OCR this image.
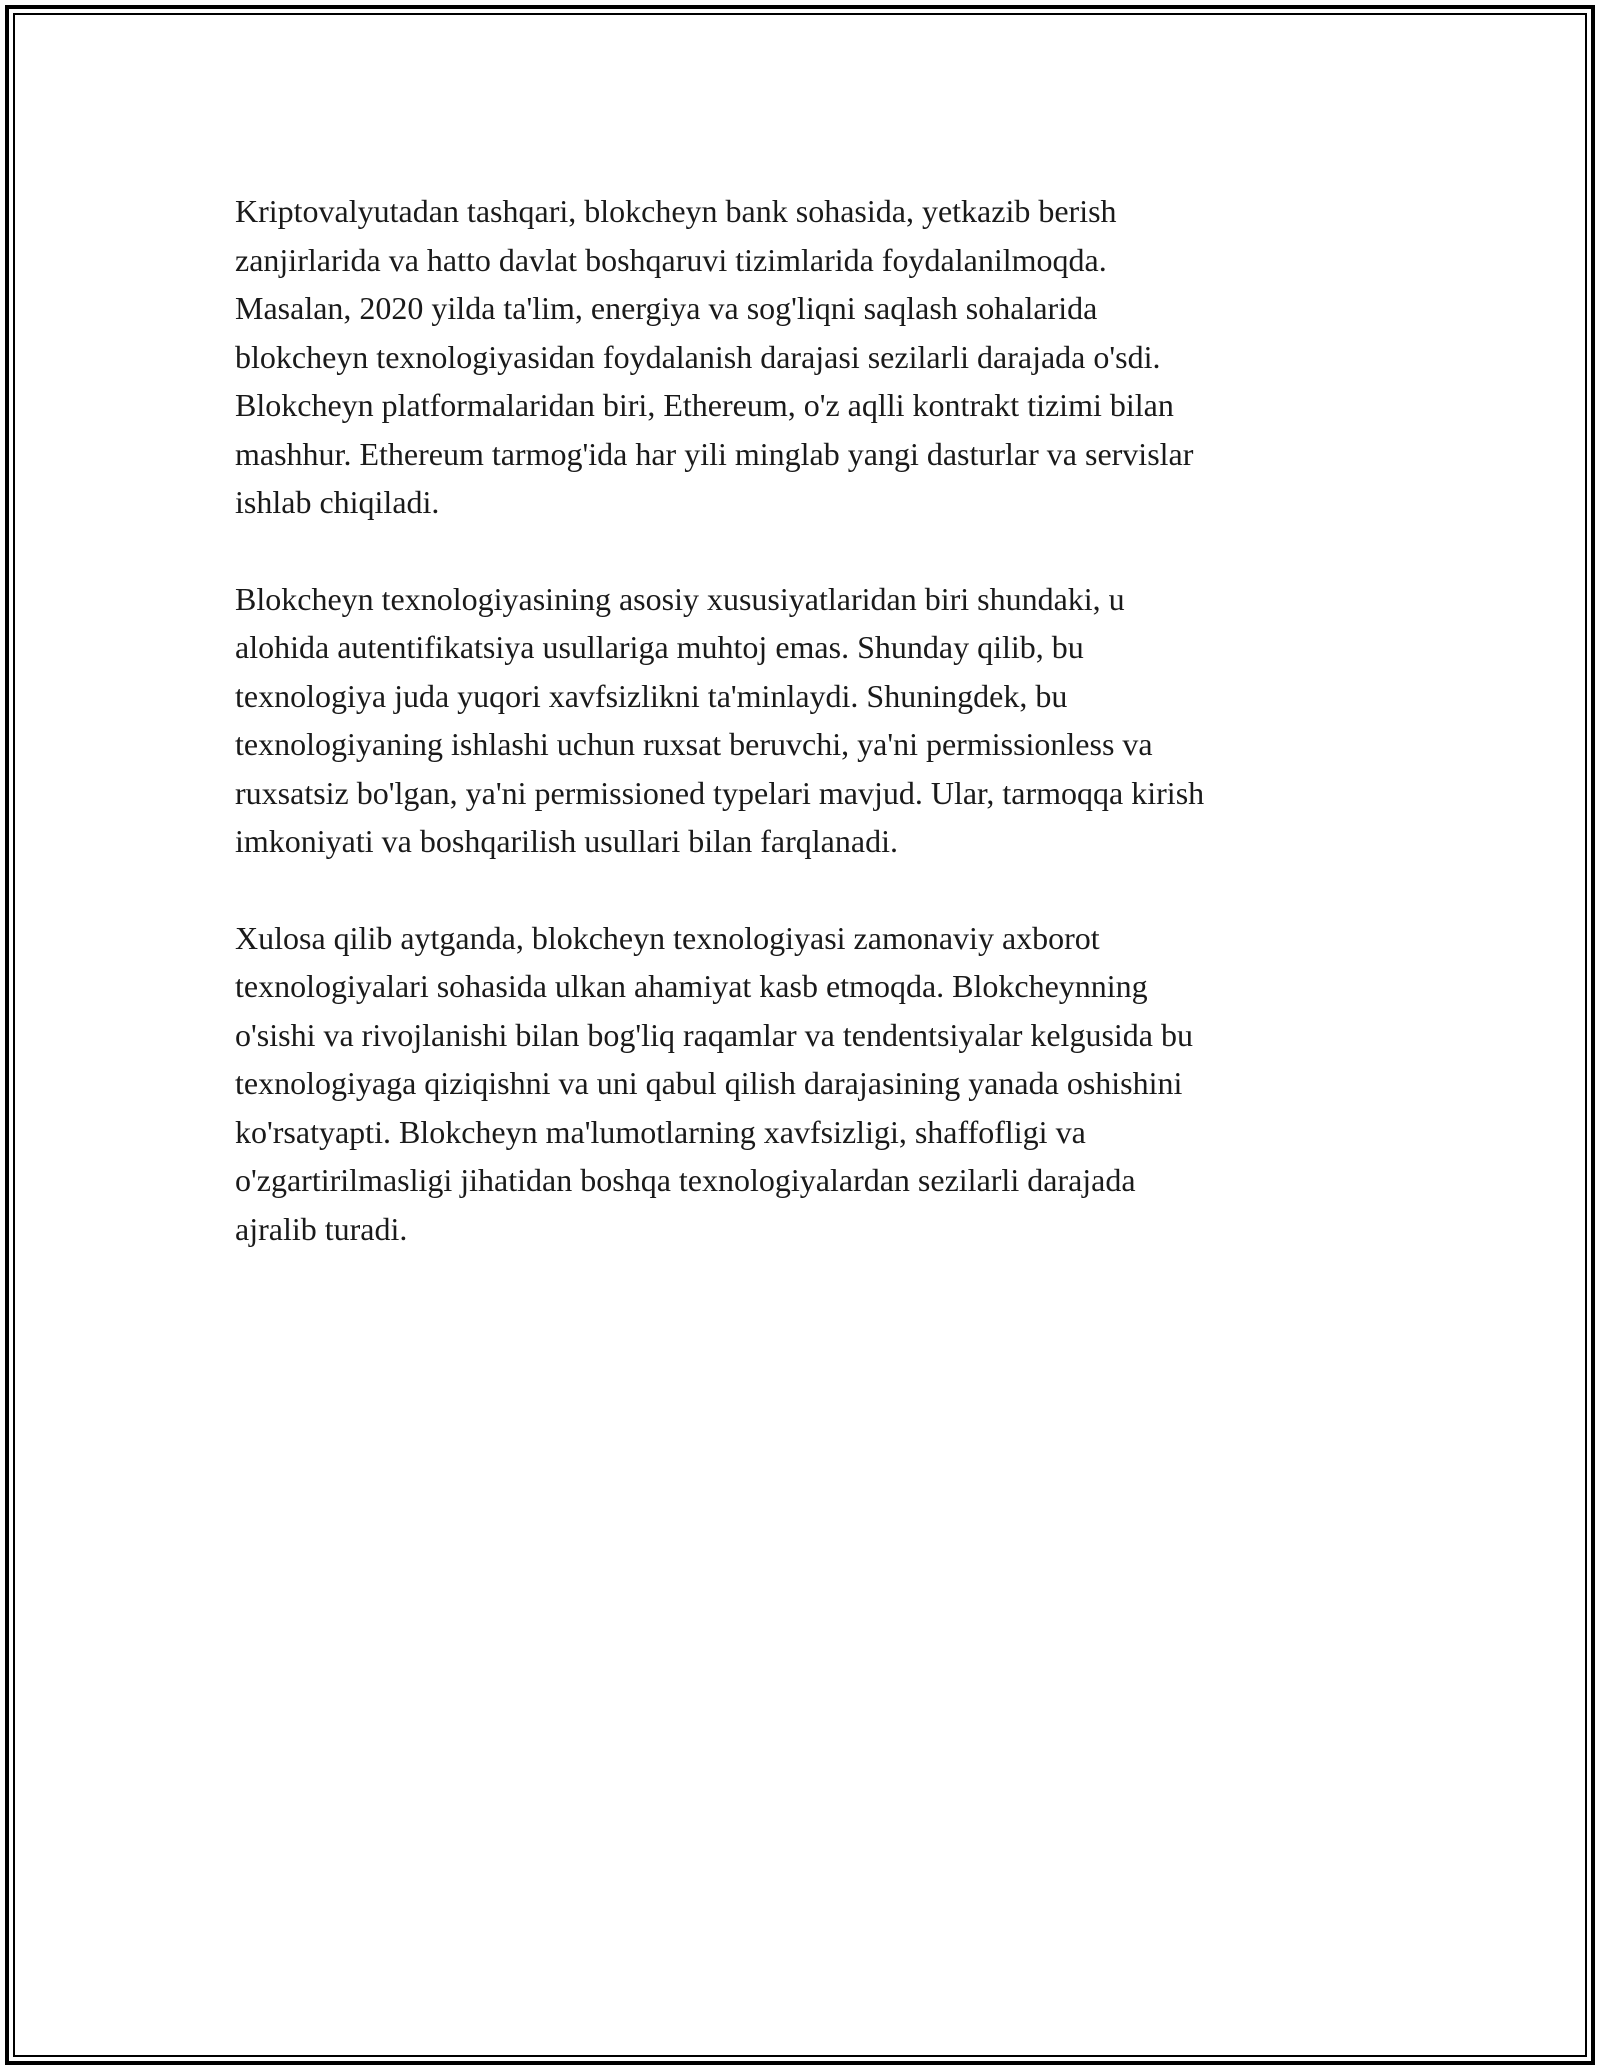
Kriptovalyutadan tashqari, blokcheyn bank sohasida, yetkazib berish
zanjirlarida va hatto davlat boshqaruvi tizimlarida foydalanilmoqda.
Masalan, 2020 yilda ta'lim, energiya va sog'liqni saqlash sohalarida
blokcheyn texnologiyasidan foydalanish darajasi sezilarli darajada o'sdi.
Blokcheyn platformalaridan biri, Ethereum, o'z aqlli kontrakt tizimi bilan
mashhur. Ethereum tarmog'ida har yili minglab yangi dasturlar va servislar
ishlab chiqiladi.

Blokcheyn texnologiyasining asosiy xususiyatlaridan biri shundaki, u
alohida autentifikatsiya usullariga muhtoj emas. Shunday qilib, bu
texnologiya juda yuqori xavfsizlikni ta'minlaydi. Shuningdek, bu
texnologiyaning ishlashi uchun ruxsat beruvchi, ya'ni permissionless va
ruxsatsiz bo'lgan, ya'ni permissioned typelari mavjud. Ular, tarmoqqa kirish
imkoniyati va boshqarilish usullari bilan farqlanadi.

Xulosa qilib aytganda, blokcheyn texnologiyasi zamonaviy axborot
texnologiyalari sohasida ulkan ahamiyat kasb etmoqda. Blokcheynning
o'sishi va rivojlanishi bilan bog'liq raqamlar va tendentsiyalar kelgusida bu
texnologiyaga qiziqishni va uni qabul qilish darajasining yanada oshishini
ko'rsatyapti. Blokcheyn ma'lumotlarning xavfsizligi, shaffofligi va
o'zgartirilmasligi jihatidan boshqa texnologiyalardan sezilarli darajada
ajralib turadi.
